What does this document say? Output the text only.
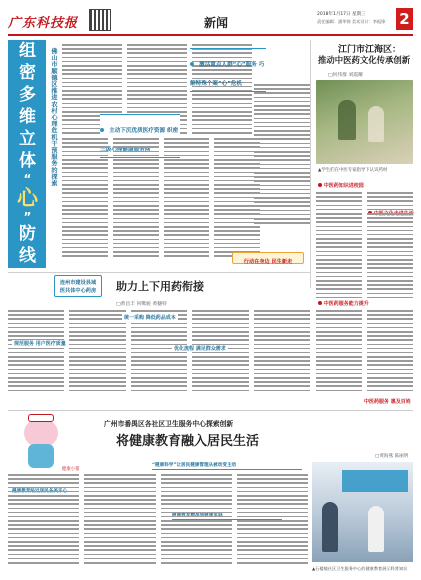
广东科技报	新闻
2018年1月17日 星期三
责任编辑：潘华锦 美术设计：李振锋 2
组
密
多
维
立
体
“
心
”
防
线
佛山市顺德区推进农村心理危机干预服务的探索	主动下沉优质医疗资源 织密三级心
激活重点人群“心”服务 巧解特殊个案“心”危机
行动在身边 民生新走
江门市江海区：
推动中医药文化传承创新
□何伟群 刘霞耀
▲学生们在中医专家指导下认识药材
中医药知识进校园
连州市建设县域
医共体中心药房	助力上下用药衔接
□黄昌丰 何鹭骏 黄穗特
统一采购 降低药品成本
规范服务 用户医疗质量
优化流程 满足群众需求
中医药服务能力提升
中医药服务 惠及百姓
健康小猪
广州市番禺区各社区卫生服务中心探索创新
将健康教育融入居民生活
□黄海燕 陈丽明
“健康科学”让居民健康管理从被动变主动
▲石楼镇社区卫生服务中心的健康教育展示科普知识
